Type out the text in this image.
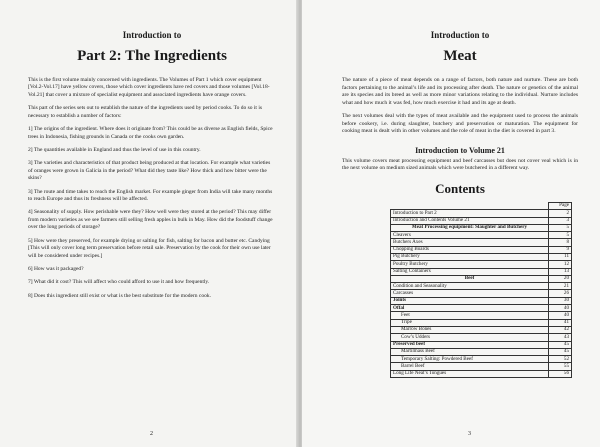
Introduction to
Part 2: The Ingredients

This is the first volume mainly concerned with ingredients. The Volumes of Part 1 which cover equipment [Vol.2-Vol.17] have yellow covers, those which cover ingredients have red covers and those volumes [Vol.18-Vol.21] that cover a mixture of specialist equipment and associated ingredients have orange covers.

This part of the series sets out to establish the nature of the ingredients used by period cooks. To do so it is necessary to establish a number of factors:

1] The origins of the ingredient. Where does it originate from? This could be as diverse as English fields, Spice trees in Indonesia, fishing grounds in Canada or the cooks own garden.

2] The quantities available in England and thus the level of use in this country.

3] The varieties and characteristics of that product being produced at that location. For example what varieties of oranges were grown in Galicia in the period? What did they taste like? How thick and how bitter were the skins?

3] The route and time takes to reach the English market. For example ginger from India will take many months to reach Europe and thus its freshness will be affected.

4] Seasonality of supply. How perishable were they? How well were they stored at the period? This may differ from modern varieties as we see farmers still selling fresh apples in bulk in May. How did the foodstuff change over the long periods of storage?

5] How were they preserved, for example drying or salting for fish, salting for bacon and butter etc. Candying [This will only cover long term preservation before retail sale. Preservation by the cook for their own use later will be considered under recipes.]

6] How was it packaged?

7] What did it cost? This will affect who could afford to use it and how frequently.

8] Does this ingredient still exist or what is the best substitute for the modern cook.

2
Introduction to
Meat

The nature of a piece of meat depends on a range of factors, both nature and nurture. These are both factors pertaining to the animal’s life and its processing after death. The nature or genetics of the animal are its species and its breed as well as more minor variations relating to the individual. Nurture includes what and how much it was fed, how much exercise it had and its age at death.

The next volumes deal with the types of meat available and the equipment used to process the animals before cookery, i.e. during slaughter, butchery and preservation or maturation. The equipment for cooking meat is dealt with in other volumes and the role of meat in the diet is covered in part 3.

Introduction to Volume 21

This volume covers meat processing equipment and beef carcasses but does not cover veal which is in the next volume on medium sized animals which were butchered in a different way.

Contents
	Page
Introduction to Part 2	2
Introduction and Contents Volume 21	3
Meat Processing equipment: Slaughter and Butchery	5
Cleavers	5
Butchers Axes	8
Chopping Boards	9
Pig Butchery	11
Poultry Butchery	12
Salting Containers	13
Beef	20
Condition and Seasonality	21
Carcasses	26
Joints	30
Offal	40
Feet	40
Tripe	41
Marrow Bones	42
Cow’s Udders	43
Preserved beef	45
Martilmass Beef	45
Temporary Salting: Powdered Beef	52
Barrel Beef	55
Long Life Neat’s Tongues	56
3
